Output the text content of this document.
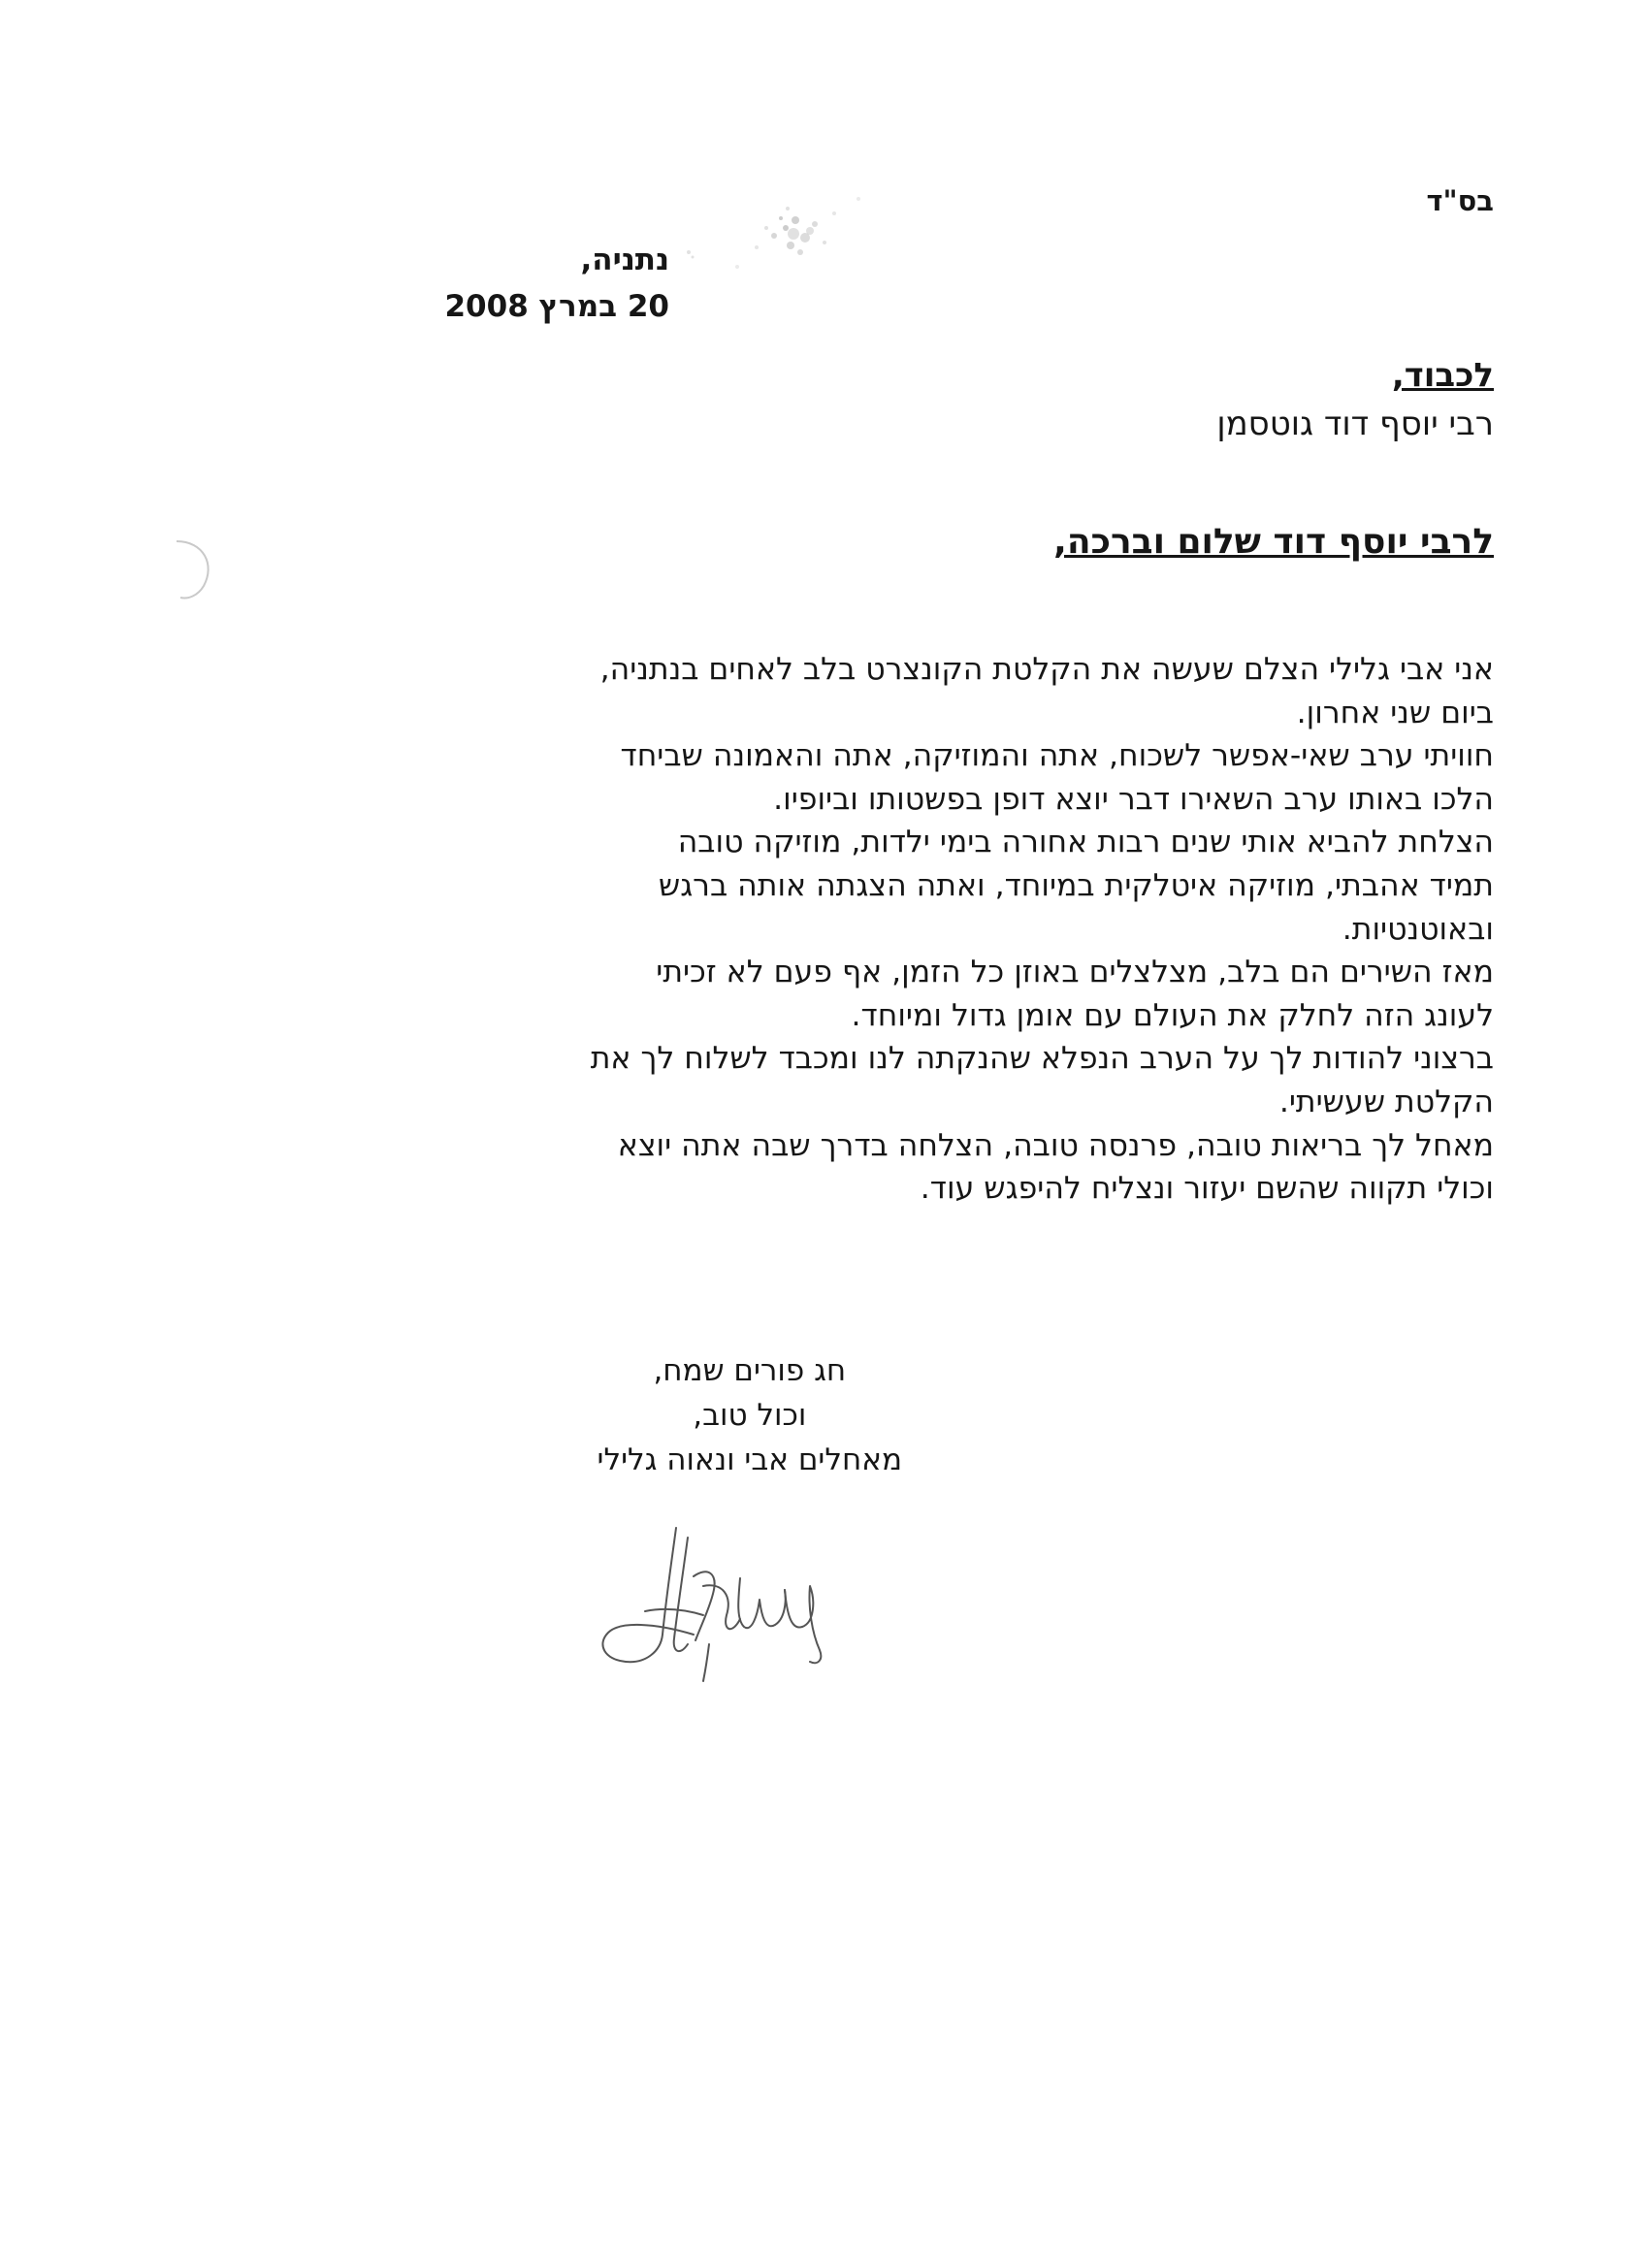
בס"ד
נתניה,
20 במרץ 2008
לכבוד,
רבי יוסף דוד גוטסמן
לרבי יוסף דוד שלום וברכה,
אני אבי גלילי הצלם שעשה את הקלטת הקונצרט בלב לאחים בנתניה,
ביום שני אחרון.
חוויתי ערב שאי-אפשר לשכוח, אתה והמוזיקה, אתה והאמונה שביחד
הלכו באותו ערב השאירו דבר יוצא דופן בפשטותו וביופיו.
הצלחת להביא אותי שנים רבות אחורה בימי ילדות, מוזיקה טובה
תמיד אהבתי, מוזיקה איטלקית במיוחד, ואתה הצגתה אותה ברגש
ובאוטנטיות.
מאז השירים הם בלב, מצלצלים באוזן כל הזמן, אף פעם לא זכיתי
לעונג הזה לחלק את העולם עם אומן גדול ומיוחד.
ברצוני להודות לך על הערב הנפלא שהנקתה לנו ומכבד לשלוח לך את
הקלטת שעשיתי.
מאחל לך בריאות טובה, פרנסה טובה, הצלחה בדרך שבה אתה יוצא
וכולי תקווה שהשם יעזור ונצליח להיפגש עוד.
חג פורים שמח,
וכול טוב,
מאחלים אבי ונאוה גלילי
